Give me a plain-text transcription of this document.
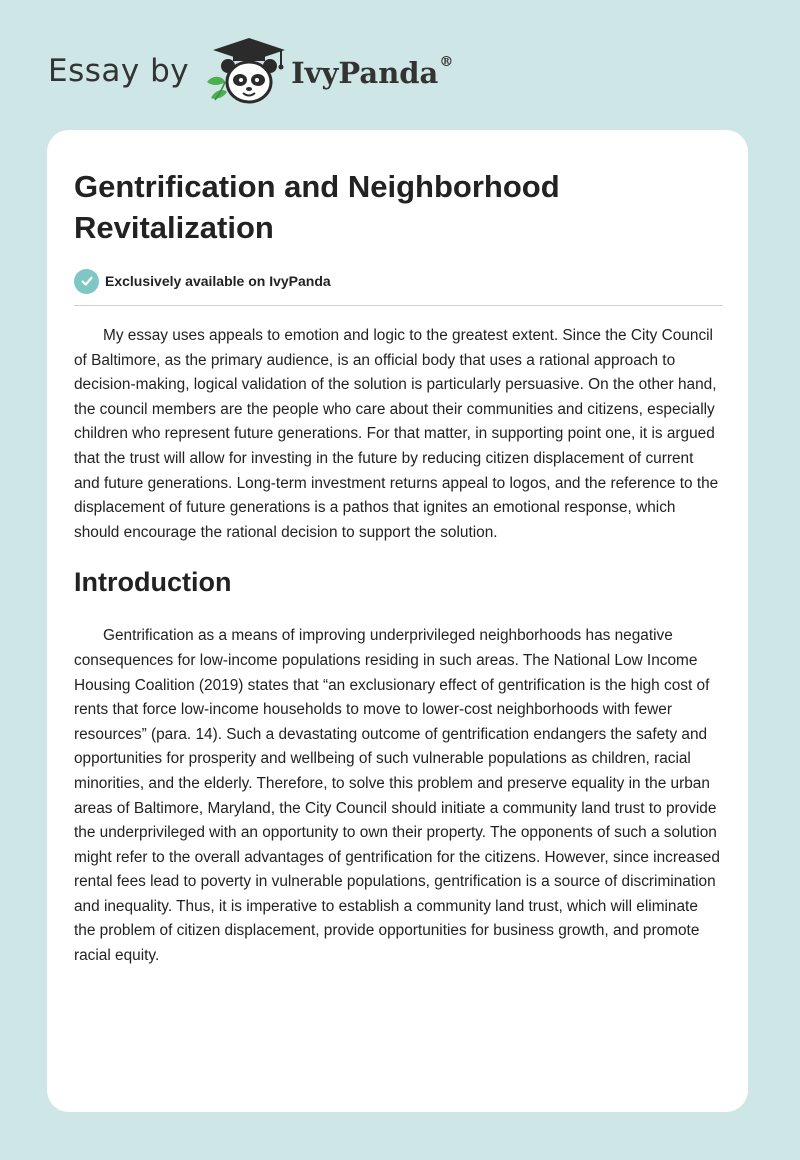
Essay by	IvyPanda®
Gentrification and Neighborhood Revitalization
Exclusively available on IvyPanda

My essay uses appeals to emotion and logic to the greatest extent. Since the City Council of Baltimore, as the primary audience, is an official body that uses a rational approach to decision-making, logical validation of the solution is particularly persuasive. On the other hand, the council members are the people who care about their communities and citizens, especially children who represent future generations. For that matter, in supporting point one, it is argued that the trust will allow for investing in the future by reducing citizen displacement of current and future generations. Long-term investment returns appeal to logos, and the reference to the displacement of future generations is a pathos that ignites an emotional response, which should encourage the rational decision to support the solution.

Introduction

Gentrification as a means of improving underprivileged neighborhoods has negative consequences for low-income populations residing in such areas. The National Low Income Housing Coalition (2019) states that “an exclusionary effect of gentrification is the high cost of rents that force low-income households to move to lower-cost neighborhoods with fewer resources” (para. 14). Such a devastating outcome of gentrification endangers the safety and opportunities for prosperity and wellbeing of such vulnerable populations as children, racial minorities, and the elderly. Therefore, to solve this problem and preserve equality in the urban areas of Baltimore, Maryland, the City Council should initiate a community land trust to provide the underprivileged with an opportunity to own their property. The opponents of such a solution might refer to the overall advantages of gentrification for the citizens. However, since increased rental fees lead to poverty in vulnerable populations, gentrification is a source of discrimination and inequality. Thus, it is imperative to establish a community land trust, which will eliminate the problem of citizen displacement, provide opportunities for business growth, and promote racial equity.
